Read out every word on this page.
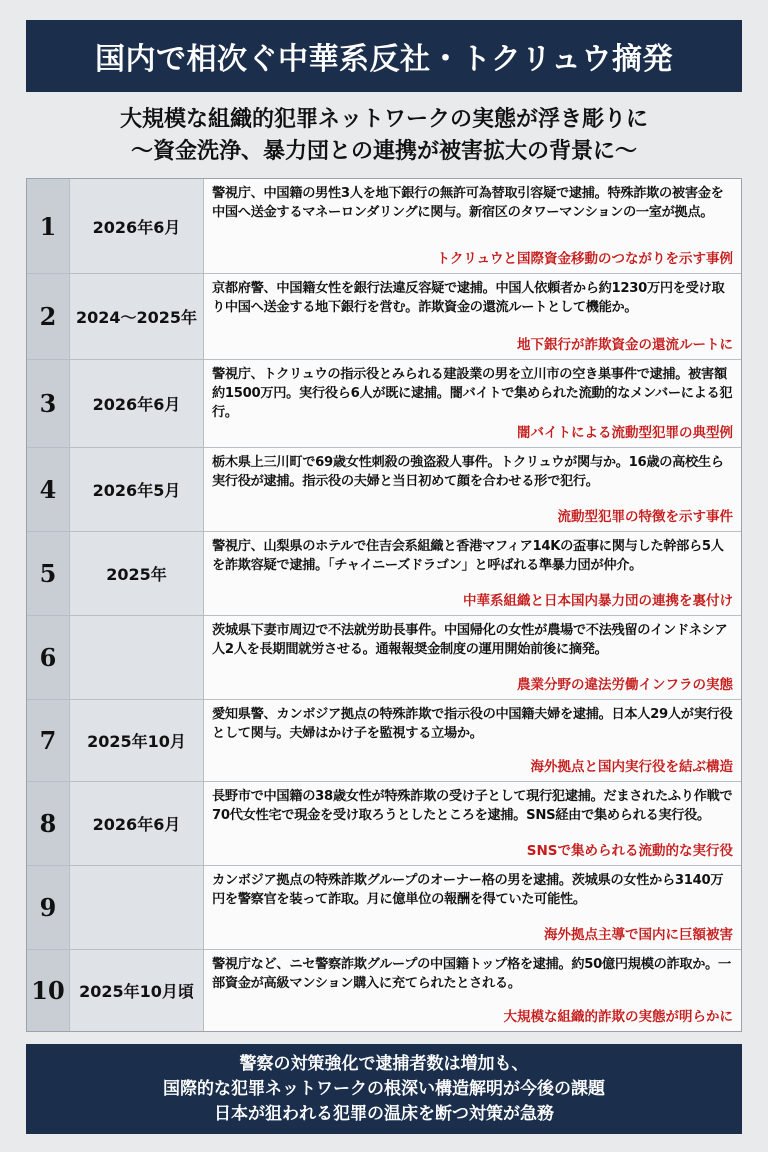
国内で相次ぐ中華系反社・トクリュウ摘発
大規模な組織的犯罪ネットワークの実態が浮き彫りに
〜資金洗浄、暴力団との連携が被害拡大の背景に〜
1	2026年6月
警視庁、中国籍の男性3人を地下銀行の無許可為替取引容疑で逮捕。特殊詐欺の被害金を中国へ送金するマネーロンダリングに関与。新宿区のタワーマンションの一室が拠点。
トクリュウと国際資金移動のつながりを示す事例
2	2024〜2025年
京都府警、中国籍女性を銀行法違反容疑で逮捕。中国人依頼者から約1230万円を受け取り中国へ送金する地下銀行を営む。詐欺資金の還流ルートとして機能か。
地下銀行が詐欺資金の還流ルートに
3	2026年6月
警視庁、トクリュウの指示役とみられる建設業の男を立川市の空き巣事件で逮捕。被害額約1500万円。実行役ら6人が既に逮捕。闇バイトで集められた流動的なメンバーによる犯行。
闇バイトによる流動型犯罪の典型例
4	2026年5月
栃木県上三川町で69歳女性刺殺の強盗殺人事件。トクリュウが関与か。16歳の高校生ら実行役が逮捕。指示役の夫婦と当日初めて顔を合わせる形で犯行。
流動型犯罪の特徴を示す事件
5	2025年
警視庁、山梨県のホテルで住吉会系組織と香港マフィア14Kの盃事に関与した幹部ら5人を詐欺容疑で逮捕。「チャイニーズドラゴン」と呼ばれる準暴力団が仲介。
中華系組織と日本国内暴力団の連携を裏付け
6
茨城県下妻市周辺で不法就労助長事件。中国帰化の女性が農場で不法残留のインドネシア人2人を長期間就労させる。通報報奨金制度の運用開始前後に摘発。
農業分野の違法労働インフラの実態
7	2025年10月
愛知県警、カンボジア拠点の特殊詐欺で指示役の中国籍夫婦を逮捕。日本人29人が実行役として関与。夫婦はかけ子を監視する立場か。
海外拠点と国内実行役を結ぶ構造
8	2026年6月
長野市で中国籍の38歳女性が特殊詐欺の受け子として現行犯逮捕。だまされたふり作戦で70代女性宅で現金を受け取ろうとしたところを逮捕。SNS経由で集められる実行役。
SNSで集められる流動的な実行役
9
カンボジア拠点の特殊詐欺グループのオーナー格の男を逮捕。茨城県の女性から3140万円を警察官を装って詐取。月に億単位の報酬を得ていた可能性。
海外拠点主導で国内に巨額被害
10 2025年10月頃
警視庁など、ニセ警察詐欺グループの中国籍トップ格を逮捕。約50億円規模の詐取か。一部資金が高級マンション購入に充てられたとされる。
大規模な組織的詐欺の実態が明らかに
警察の対策強化で逮捕者数は増加も、
国際的な犯罪ネットワークの根深い構造解明が今後の課題
日本が狙われる犯罪の温床を断つ対策が急務
